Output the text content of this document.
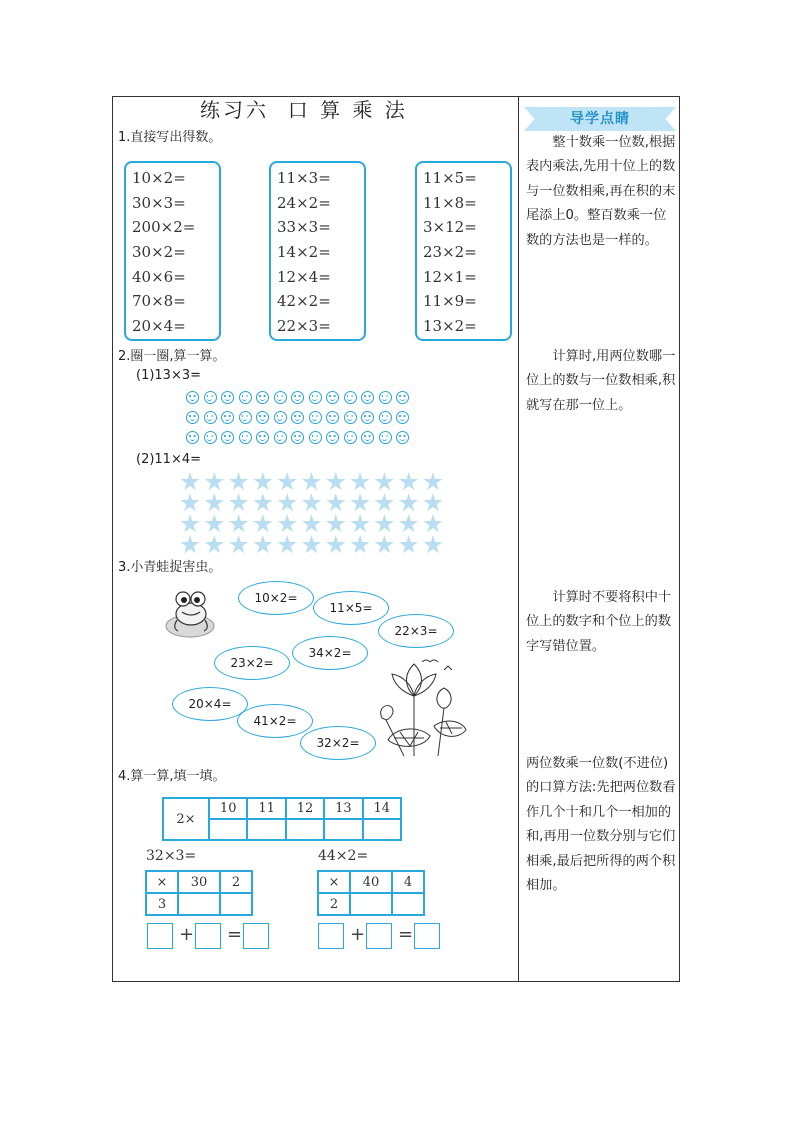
练习六  口 算 乘 法
1.直接写出得数。
10×2=
30×3=
200×2=
30×2=
40×6=
70×8=
20×4=
11×3=
24×2=
33×3=
14×2=
12×4=
42×2=
22×3=
11×5=
11×8=
3×12=
23×2=
12×1=
11×9=
13×2=
2.圈一圈,算一算。
(1)13×3=
(2)11×4=
3.小青蛙捉害虫。
10×2=
11×5=
22×3=
23×2=
34×2=
20×4=
41×2=
32×2=
4.算一算,填一填。
2×	10	11	12	13	14

32×3=
×	30	2
3		
44×2=
×	40	4
2		
+ =	+ =
导学点睛
整十数乘一位数,根据表内乘法,先用十位上的数与一位数相乘,再在积的末尾添上0。整百数乘一位数的方法也是一样的。
计算时,用两位数哪一位上的数与一位数相乘,积就写在那一位上。
计算时不要将积中十位上的数字和个位上的数字写错位置。
两位数乘一位数(不进位)的口算方法:先把两位数看作几个十和几个一相加的和,再用一位数分别与它们相乘,最后把所得的两个积相加。
